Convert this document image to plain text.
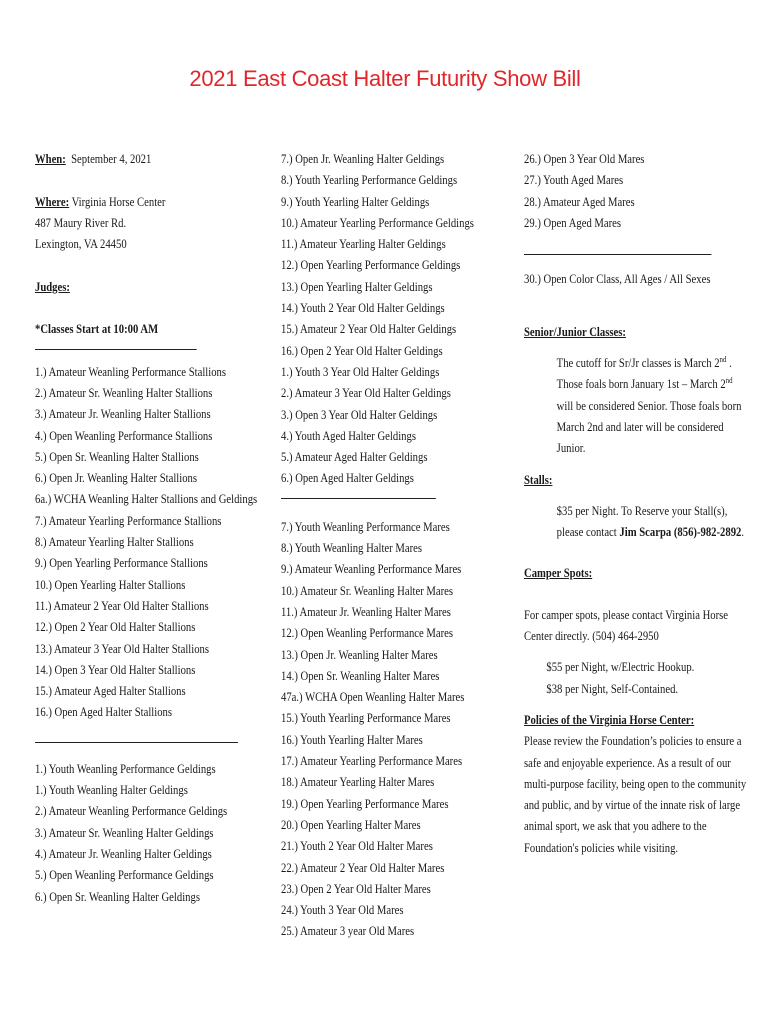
2021 East Coast Halter Futurity Show Bill
When: September 4, 2021
Where: Virginia Horse Center
487 Maury River Rd.
Lexington, VA 24450
Judges:
*Classes Start at 10:00 AM
1.) Amateur Weanling Performance Stallions
2.) Amateur Sr. Weanling Halter Stallions
3.) Amateur Jr. Weanling Halter Stallions
4.) Open Weanling Performance Stallions
5.) Open Sr. Weanling Halter Stallions
6.) Open Jr. Weanling Halter Stallions
6a.) WCHA Weanling Halter Stallions and Geldings
7.) Amateur Yearling Performance Stallions
8.) Amateur Yearling Halter Stallions
9.) Open Yearling Performance Stallions
10.) Open Yearling Halter Stallions
11.) Amateur 2 Year Old Halter Stallions
12.) Open 2 Year Old Halter Stallions
13.) Amateur 3 Year Old Halter Stallions
14.) Open 3 Year Old Halter Stallions
15.) Amateur Aged Halter Stallions
16.) Open Aged Halter Stallions
1.) Youth Weanling Performance Geldings
1.) Youth Weanling Halter Geldings
2.) Amateur Weanling Performance Geldings
3.) Amateur Sr. Weanling Halter Geldings
4.) Amateur Jr. Weanling Halter Geldings
5.) Open Weanling Performance Geldings
6.) Open Sr. Weanling Halter Geldings
7.) Open Jr. Weanling Halter Geldings
8.) Youth Yearling Performance Geldings
9.) Youth Yearling Halter Geldings
10.) Amateur Yearling Performance Geldings
11.) Amateur Yearling Halter Geldings
12.) Open Yearling Performance Geldings
13.) Open Yearling Halter Geldings
14.) Youth 2 Year Old Halter Geldings
15.) Amateur 2 Year Old Halter Geldings
16.) Open 2 Year Old Halter Geldings
1.) Youth 3 Year Old Halter Geldings
2.) Amateur 3 Year Old Halter Geldings
3.) Open 3 Year Old Halter Geldings
4.) Youth Aged Halter Geldings
5.) Amateur Aged Halter Geldings
6.) Open Aged Halter Geldings
7.) Youth Weanling Performance Mares
8.) Youth Weanling Halter Mares
9.) Amateur Weanling Performance Mares
10.) Amateur Sr. Weanling Halter Mares
11.) Amateur Jr. Weanling Halter Mares
12.) Open Weanling Performance Mares
13.) Open Jr. Weanling Halter Mares
14.) Open Sr. Weanling Halter Mares
47a.) WCHA Open Weanling Halter Mares
15.) Youth Yearling Performance Mares
16.) Youth Yearling Halter Mares
17.) Amateur Yearling Performance Mares
18.) Amateur Yearling Halter Mares
19.) Open Yearling Performance Mares
20.) Open Yearling Halter Mares
21.) Youth 2 Year Old Halter Mares
22.) Amateur 2 Year Old Halter Mares
23.) Open 2 Year Old Halter Mares
24.) Youth 3 Year Old Mares
25.) Amateur 3 year Old Mares
26.) Open 3 Year Old Mares
27.) Youth Aged Mares
28.) Amateur Aged Mares
29.) Open Aged Mares
30.) Open Color Class, All Ages / All Sexes
Senior/Junior Classes:
The cutoff for Sr/Jr classes is March 2nd .
Those foals born January 1st – March 2nd
will be considered Senior. Those foals born
March 2nd and later will be considered
Junior.
Stalls:
$35 per Night. To Reserve your Stall(s),
please contact Jim Scarpa (856)-982-2892.
Camper Spots:
For camper spots, please contact Virginia Horse
Center directly. (504) 464-2950
$55 per Night, w/Electric Hookup.
$38 per Night, Self-Contained.
Policies of the Virginia Horse Center:
Please review the Foundation’s policies to ensure a
safe and enjoyable experience. As a result of our
multi-purpose facility, being open to the community
and public, and by virtue of the innate risk of large
animal sport, we ask that you adhere to the
Foundation's policies while visiting.
